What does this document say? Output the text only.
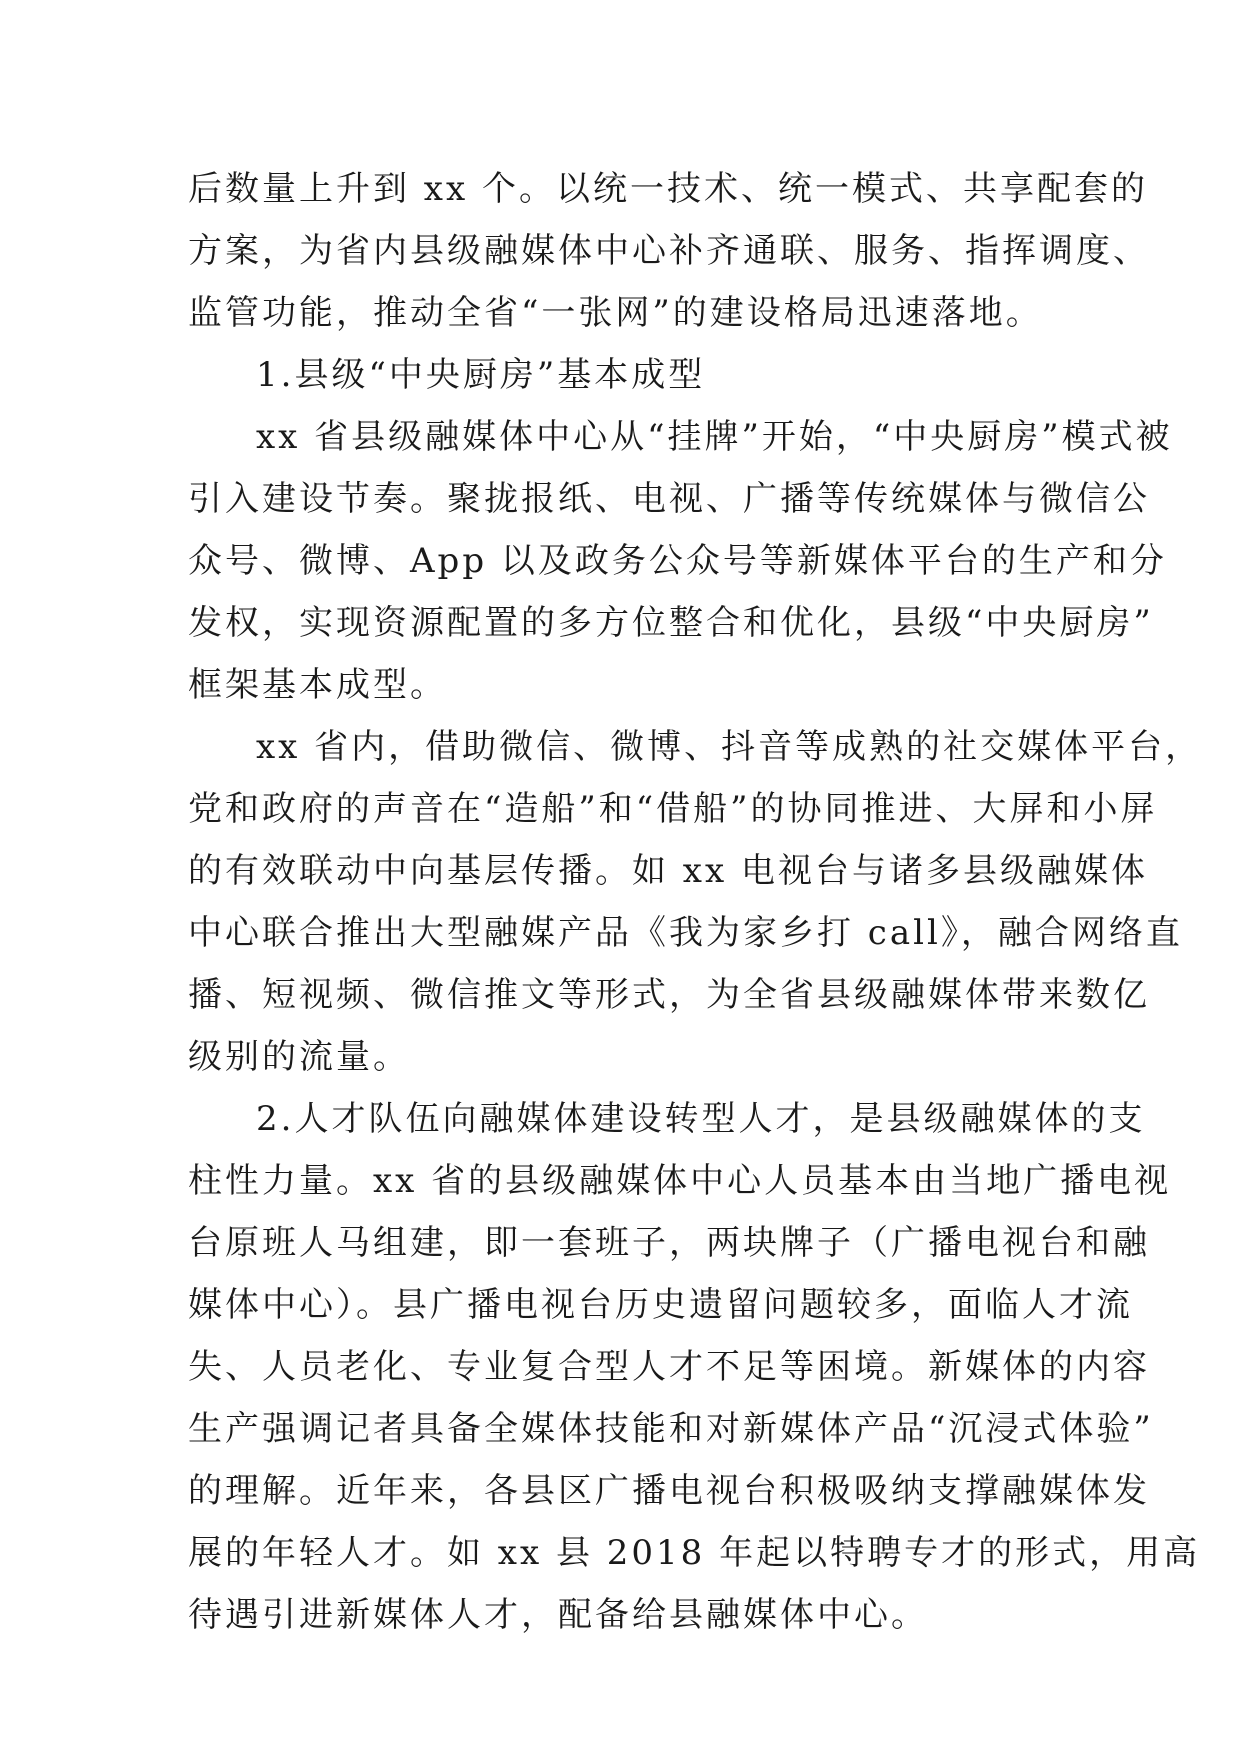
后数量上升到 xx 个。以统一技术、统一模式、共享配套的
方案，为省内县级融媒体中心补齐通联、服务、指挥调度、
监管功能，推动全省“一张网”的建设格局迅速落地。
1.县级“中央厨房”基本成型
xx 省县级融媒体中心从“挂牌”开始，“中央厨房”模式被
引入建设节奏。聚拢报纸、电视、广播等传统媒体与微信公
众号、微博、App 以及政务公众号等新媒体平台的生产和分
发权，实现资源配置的多方位整合和优化，县级“中央厨房”
框架基本成型。
xx 省内，借助微信、微博、抖音等成熟的社交媒体平台，
党和政府的声音在“造船”和“借船”的协同推进、大屏和小屏
的有效联动中向基层传播。如 xx 电视台与诸多县级融媒体
中心联合推出大型融媒产品《我为家乡打 call》，融合网络直
播、短视频、微信推文等形式，为全省县级融媒体带来数亿
级别的流量。
2.人才队伍向融媒体建设转型人才，是县级融媒体的支
柱性力量。xx 省的县级融媒体中心人员基本由当地广播电视
台原班人马组建，即一套班子，两块牌子（广播电视台和融
媒体中心）。县广播电视台历史遗留问题较多，面临人才流
失、人员老化、专业复合型人才不足等困境。新媒体的内容
生产强调记者具备全媒体技能和对新媒体产品“沉浸式体验”
的理解。近年来，各县区广播电视台积极吸纳支撑融媒体发
展的年轻人才。如 xx 县 2018 年起以特聘专才的形式，用高
待遇引进新媒体人才，配备给县融媒体中心。
